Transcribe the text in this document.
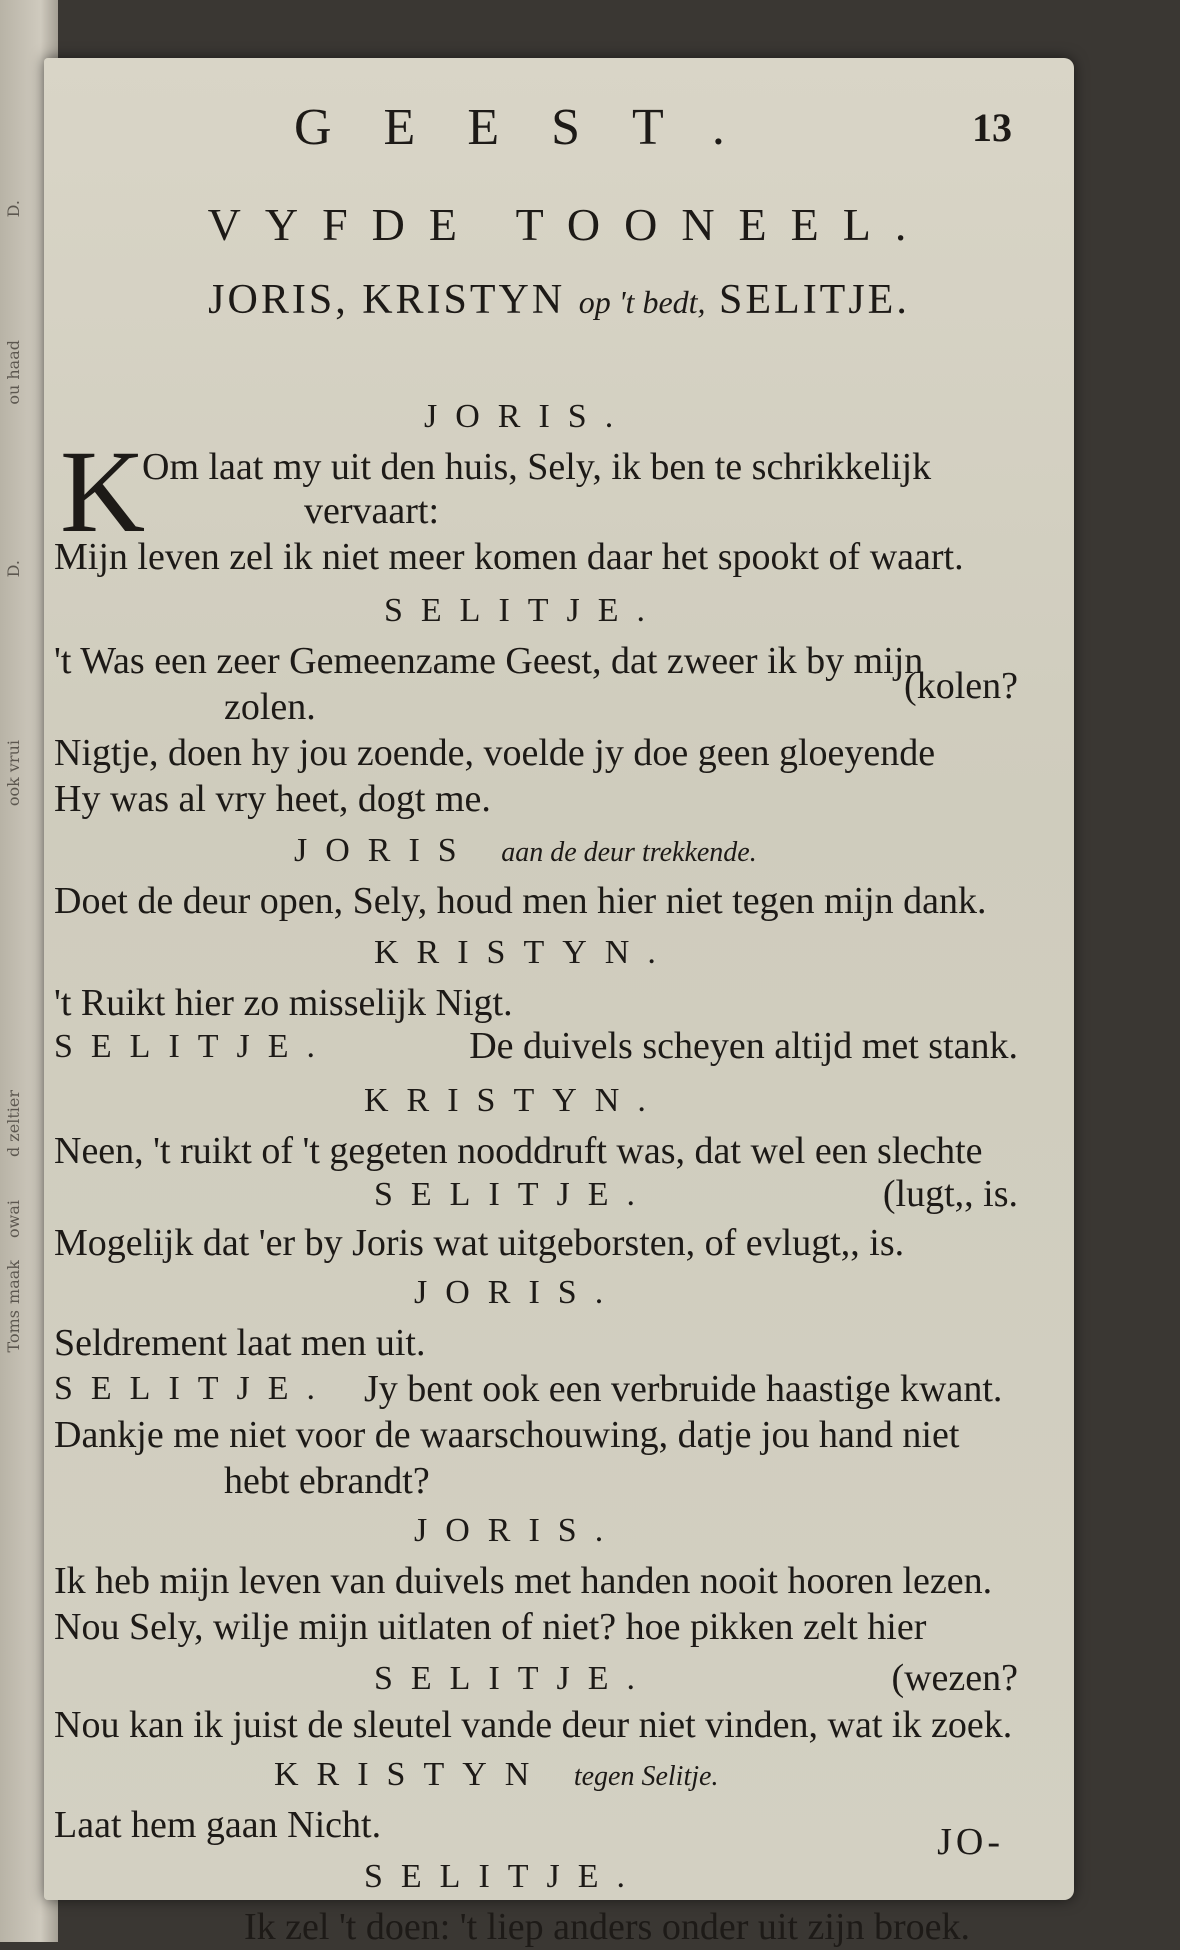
D.
ou haad
D.
ook vrui
d zeltier
owai
maak
Toms
GEEST.	13
VYFDE TOONEEL.
JORIS, KRISTYN op 't bedt, SELITJE.
JORIS.
K
Om laat my uit den huis, Sely, ik ben te schrikkelijk
vervaart:
Mijn leven zel ik niet meer komen daar het spookt of waart.
SELITJE.
't Was een zeer Gemeenzame Geest, dat zweer ik by mijn
zolen.	(kolen?
Nigtje, doen hy jou zoende, voelde jy doe geen gloeyende
Hy was al vry heet, dogt me.
JORIS aan de deur trekkende.
Doet de deur open, Sely, houd men hier niet tegen mijn dank.
KRISTYN.
't Ruikt hier zo misselijk Nigt.
SELITJE.	De duivels scheyen altijd met stank.
KRISTYN.
Neen, 't ruikt of 't gegeten nooddruft was, dat wel een slechte
SELITJE.	(lugt,, is.
Mogelijk dat 'er by Joris wat uitgeborsten, of evlugt,, is.
JORIS.
Seldrement laat men uit.
SELITJE. Jy bent ook een verbruide haastige kwant.
Dankje me niet voor de waarschouwing, datje jou hand niet
hebt ebrandt?
JORIS.
Ik heb mijn leven van duivels met handen nooit hooren lezen.
Nou Sely, wilje mijn uitlaten of niet? hoe pikken zelt hier
SELITJE.	(wezen?
Nou kan ik juist de sleutel vande deur niet vinden, wat ik zoek.
KRISTYN tegen Selitje.
Laat hem gaan Nicht.
SELITJE.
Ik zel 't doen: 't liep anders onder uit zijn broek.
JO-
